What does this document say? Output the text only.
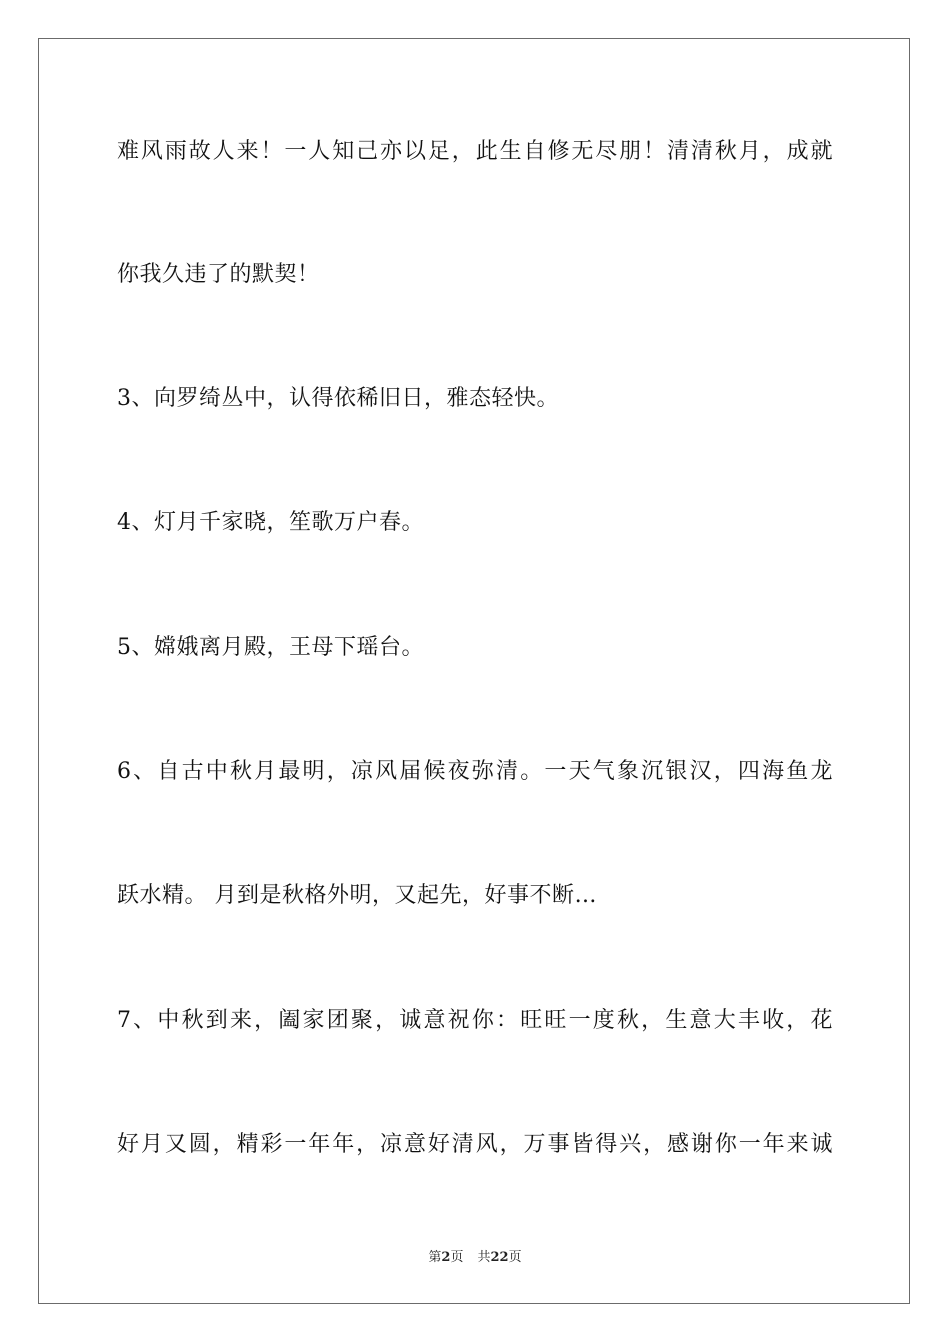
难风雨故人来！一人知己亦以足，此生自修无尽朋！清清秋月，成就
你我久违了的默契！
3、向罗绮丛中，认得依稀旧日，雅态轻快。
4、灯月千家晓，笙歌万户春。
5、嫦娥离月殿，王母下瑶台。
6、自古中秋月最明，凉风届候夜弥清。一天气象沉银汉，四海鱼龙
跃水精。 月到是秋格外明，又起先，好事不断…
7、中秋到来，阖家团聚，诚意祝你：旺旺一度秋，生意大丰收，花
好月又圆，精彩一年年，凉意好清风，万事皆得兴，感谢你一年来诚
第2页 共22页
